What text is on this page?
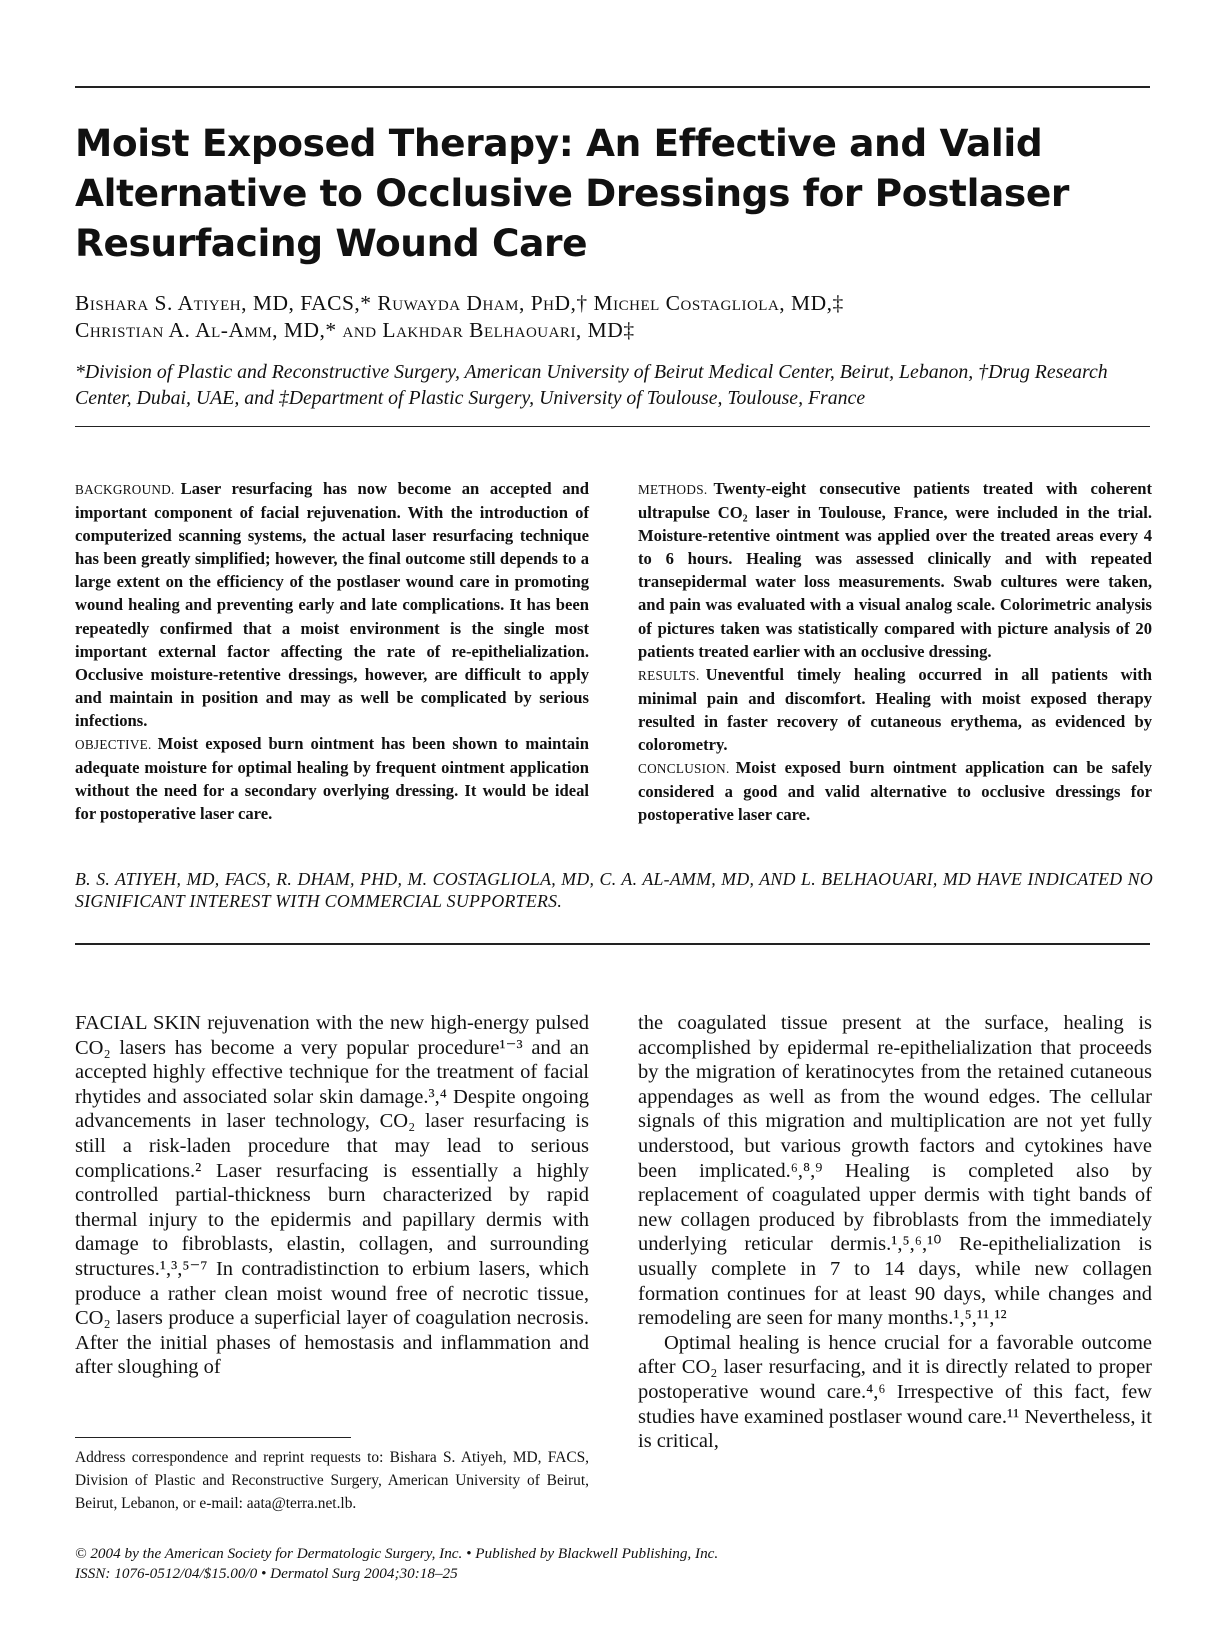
Moist Exposed Therapy: An Effective and Valid Alternative to Occlusive Dressings for Postlaser Resurfacing Wound Care
Bishara S. Atiyeh, MD, FACS,* Ruwayda Dham, PhD,† Michel Costagliola, MD,‡
Christian A. Al-Amm, MD,* and Lakhdar Belhaouari, MD‡
*Division of Plastic and Reconstructive Surgery, American University of Beirut Medical Center, Beirut, Lebanon, †Drug Research Center, Dubai, UAE, and ‡Department of Plastic Surgery, University of Toulouse, Toulouse, France

BACKGROUND. Laser resurfacing has now become an accepted and important component of facial rejuvenation. With the introduction of computerized scanning systems, the actual laser resurfacing technique has been greatly simplified; however, the final outcome still depends to a large extent on the efficiency of the postlaser wound care in promoting wound healing and preventing early and late complications. It has been repeatedly confirmed that a moist environment is the single most important external factor affecting the rate of re-epithelialization. Occlusive moisture-retentive dressings, however, are difficult to apply and maintain in position and may as well be complicated by serious infections.

OBJECTIVE. Moist exposed burn ointment has been shown to maintain adequate moisture for optimal healing by frequent ointment application without the need for a secondary overlying dressing. It would be ideal for postoperative laser care.

METHODS. Twenty-eight consecutive patients treated with coherent ultrapulse CO₂ laser in Toulouse, France, were included in the trial. Moisture-retentive ointment was applied over the treated areas every 4 to 6 hours. Healing was assessed clinically and with repeated transepidermal water loss measurements. Swab cultures were taken, and pain was evaluated with a visual analog scale. Colorimetric analysis of pictures taken was statistically compared with picture analysis of 20 patients treated earlier with an occlusive dressing.

RESULTS. Uneventful timely healing occurred in all patients with minimal pain and discomfort. Healing with moist exposed therapy resulted in faster recovery of cutaneous erythema, as evidenced by colorometry.

CONCLUSION. Moist exposed burn ointment application can be safely considered a good and valid alternative to occlusive dressings for postoperative laser care.

B. S. ATIYEH, MD, FACS, R. DHAM, PHD, M. COSTAGLIOLA, MD, C. A. AL-AMM, MD, AND L. BELHAOUARI, MD HAVE INDICATED NO SIGNIFICANT INTEREST WITH COMMERCIAL SUPPORTERS.

FACIAL SKIN rejuvenation with the new high-energy pulsed CO₂ lasers has become a very popular procedure¹⁻³ and an accepted highly effective technique for the treatment of facial rhytides and associated solar skin damage.³,⁴ Despite ongoing advancements in laser technology, CO₂ laser resurfacing is still a risk-laden procedure that may lead to serious complications.² Laser resurfacing is essentially a highly controlled partial-thickness burn characterized by rapid thermal injury to the epidermis and papillary dermis with damage to fibroblasts, elastin, collagen, and surrounding structures.¹,³,⁵⁻⁷ In contradistinction to erbium lasers, which produce a rather clean moist wound free of necrotic tissue, CO₂ lasers produce a superficial layer of coagulation necrosis. After the initial phases of hemostasis and inflammation and after sloughing of

the coagulated tissue present at the surface, healing is accomplished by epidermal re-epithelialization that proceeds by the migration of keratinocytes from the retained cutaneous appendages as well as from the wound edges. The cellular signals of this migration and multiplication are not yet fully understood, but various growth factors and cytokines have been implicated.⁶,⁸,⁹ Healing is completed also by replacement of coagulated upper dermis with tight bands of new collagen produced by fibroblasts from the immediately underlying reticular dermis.¹,⁵,⁶,¹⁰ Re-epithelialization is usually complete in 7 to 14 days, while new collagen formation continues for at least 90 days, while changes and remodeling are seen for many months.¹,⁵,¹¹,¹²

Optimal healing is hence crucial for a favorable outcome after CO₂ laser resurfacing, and it is directly related to proper postoperative wound care.⁴,⁶ Irrespective of this fact, few studies have examined postlaser wound care.¹¹ Nevertheless, it is critical,

Address correspondence and reprint requests to: Bishara S. Atiyeh, MD, FACS, Division of Plastic and Reconstructive Surgery, American University of Beirut, Beirut, Lebanon, or e-mail: aata@terra.net.lb.
© 2004 by the American Society for Dermatologic Surgery, Inc. • Published by Blackwell Publishing, Inc.
ISSN: 1076-0512/04/$15.00/0 • Dermatol Surg 2004;30:18–25
